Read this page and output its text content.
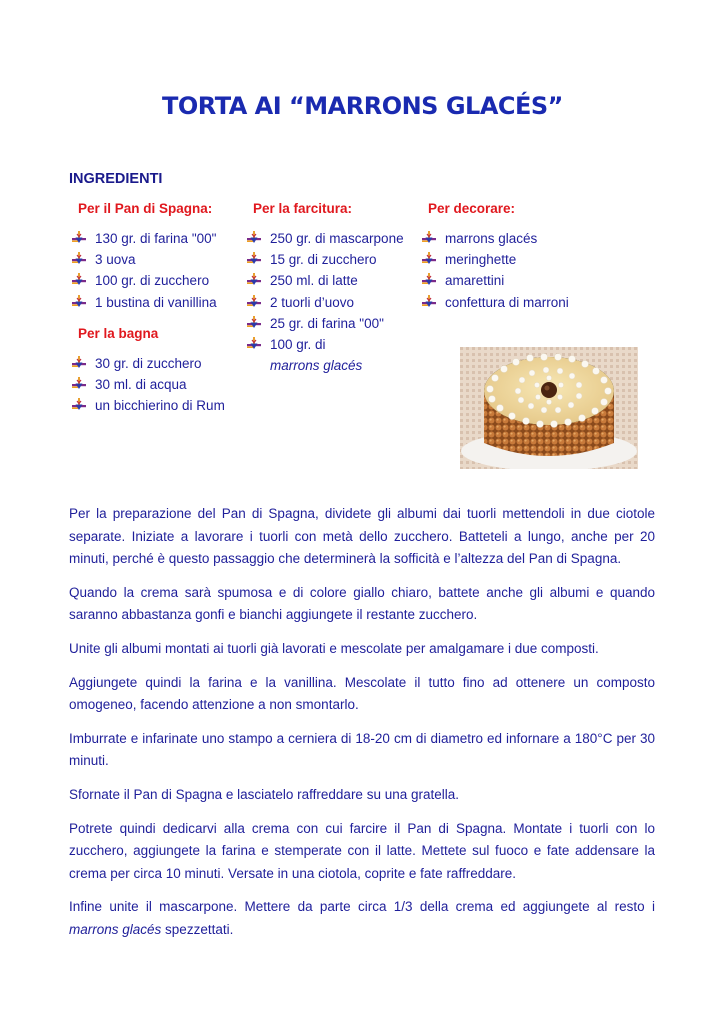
TORTA AI “MARRONS GLACÉS”
INGREDIENTI
Per il Pan di Spagna:
130 gr. di farina "00"
3 uova
100 gr. di zucchero
1 bustina di vanillina
Per la bagna
30 gr. di zucchero
30 ml. di acqua
un bicchierino di Rum
Per la farcitura:
250 gr. di mascarpone
15 gr. di zucchero
250 ml. di latte
2 tuorli d’uovo
25 gr. di farina "00"
100 gr. di
marrons glacés
Per decorare:
marrons glacés
meringhette
amarettini
confettura di marroni

Per la preparazione del Pan di Spagna, dividete gli albumi dai tuorli mettendoli in due ciotole separate. Iniziate a lavorare i tuorli con metà dello zucchero. Batteteli a lungo, anche per 20 minuti, perché è questo passaggio che determinerà la sofficità e l’altezza del Pan di Spagna.

Quando la crema sarà spumosa e di colore giallo chiaro, battete anche gli albumi e quando saranno abbastanza gonfi e bianchi aggiungete il restante zucchero.

Unite gli albumi montati ai tuorli già lavorati e mescolate per amalgamare i due composti.

Aggiungete quindi la farina e la vanillina. Mescolate il tutto fino ad ottenere un composto omogeneo, facendo attenzione a non smontarlo.

Imburrate e infarinate uno stampo a cerniera di 18-20 cm di diametro ed infornare a 180°C per 30 minuti.

Sfornate il Pan di Spagna e lasciatelo raffreddare su una gratella.

Potrete quindi dedicarvi alla crema con cui farcire il Pan di Spagna. Montate i tuorli con lo zucchero, aggiungete la farina e stemperate con il latte. Mettete sul fuoco e fate addensare la crema per circa 10 minuti. Versate in una ciotola, coprite e fate raffreddare.

Infine unite il mascarpone. Mettere da parte circa 1/3 della crema ed aggiungete al resto i marrons glacés spezzettati.
